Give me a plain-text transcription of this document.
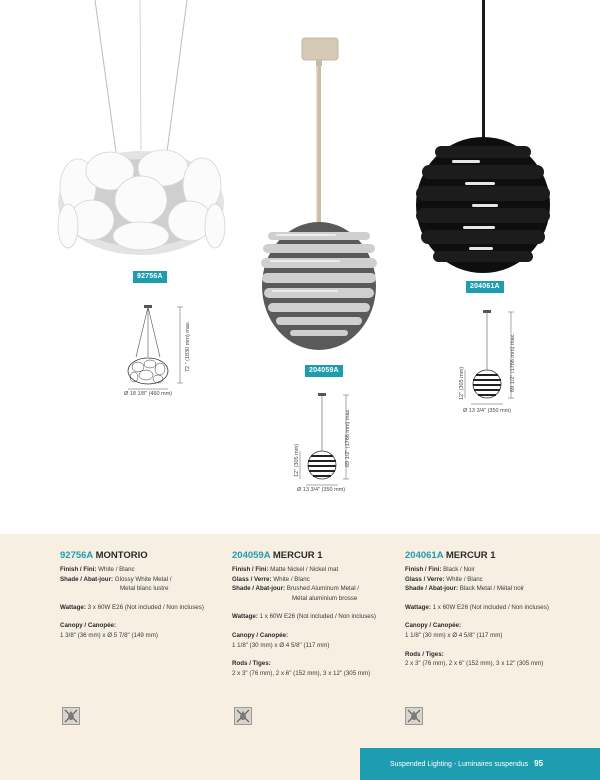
92756A
72 " (1830 mm) max.
Ø 18 1/8" (460 mm)
204059A
69 1/2" (1766 mm) max.
12" (305 mm)
Ø 13 3/4" (350 mm)
204061A
69 1/2" (1766 mm) max.
12" (305 mm)
Ø 13 3/4" (350 mm)
92756A MONTORIO
Finish / Fini: White / Blanc
Shade / Abat-jour: Glossy White Metal /
Metal blanc lustre
Wattage: 3 x 60W E26 (Not included / Non incluses)
Canopy / Canopée:
1 3/8" (36 mm) x Ø 5 7/8" (149 mm)
204059A MERCUR 1
Finish / Fini: Matte Nickel / Nickel mat
Glass / Verre: White / Blanc
Shade / Abat-jour: Brushed Aluminum Metal /
Métal aluminium brosse
Wattage: 1 x 60W E26 (Not included / Non incluses)
Canopy / Canopée:
1 1/8" (30 mm) x Ø 4 5/8" (117 mm)
Rods / Tiges:
2 x 3" (76 mm), 2 x 6" (152 mm), 3 x 12" (305 mm)
204061A MERCUR 1
Finish / Fini: Black / Noir
Glass / Verre: White / Blanc
Shade / Abat-jour: Black Metal / Métal noir
Wattage: 1 x 60W E26 (Not included / Non incluses)
Canopy / Canopée:
1 1/8" (30 mm) x Ø 4 5/8" (117 mm)
Rods / Tiges:
2 x 3" (76 mm), 2 x 6" (152 mm), 3 x 12" (305 mm)
Suspended Lighting - Luminaires suspendus 95
